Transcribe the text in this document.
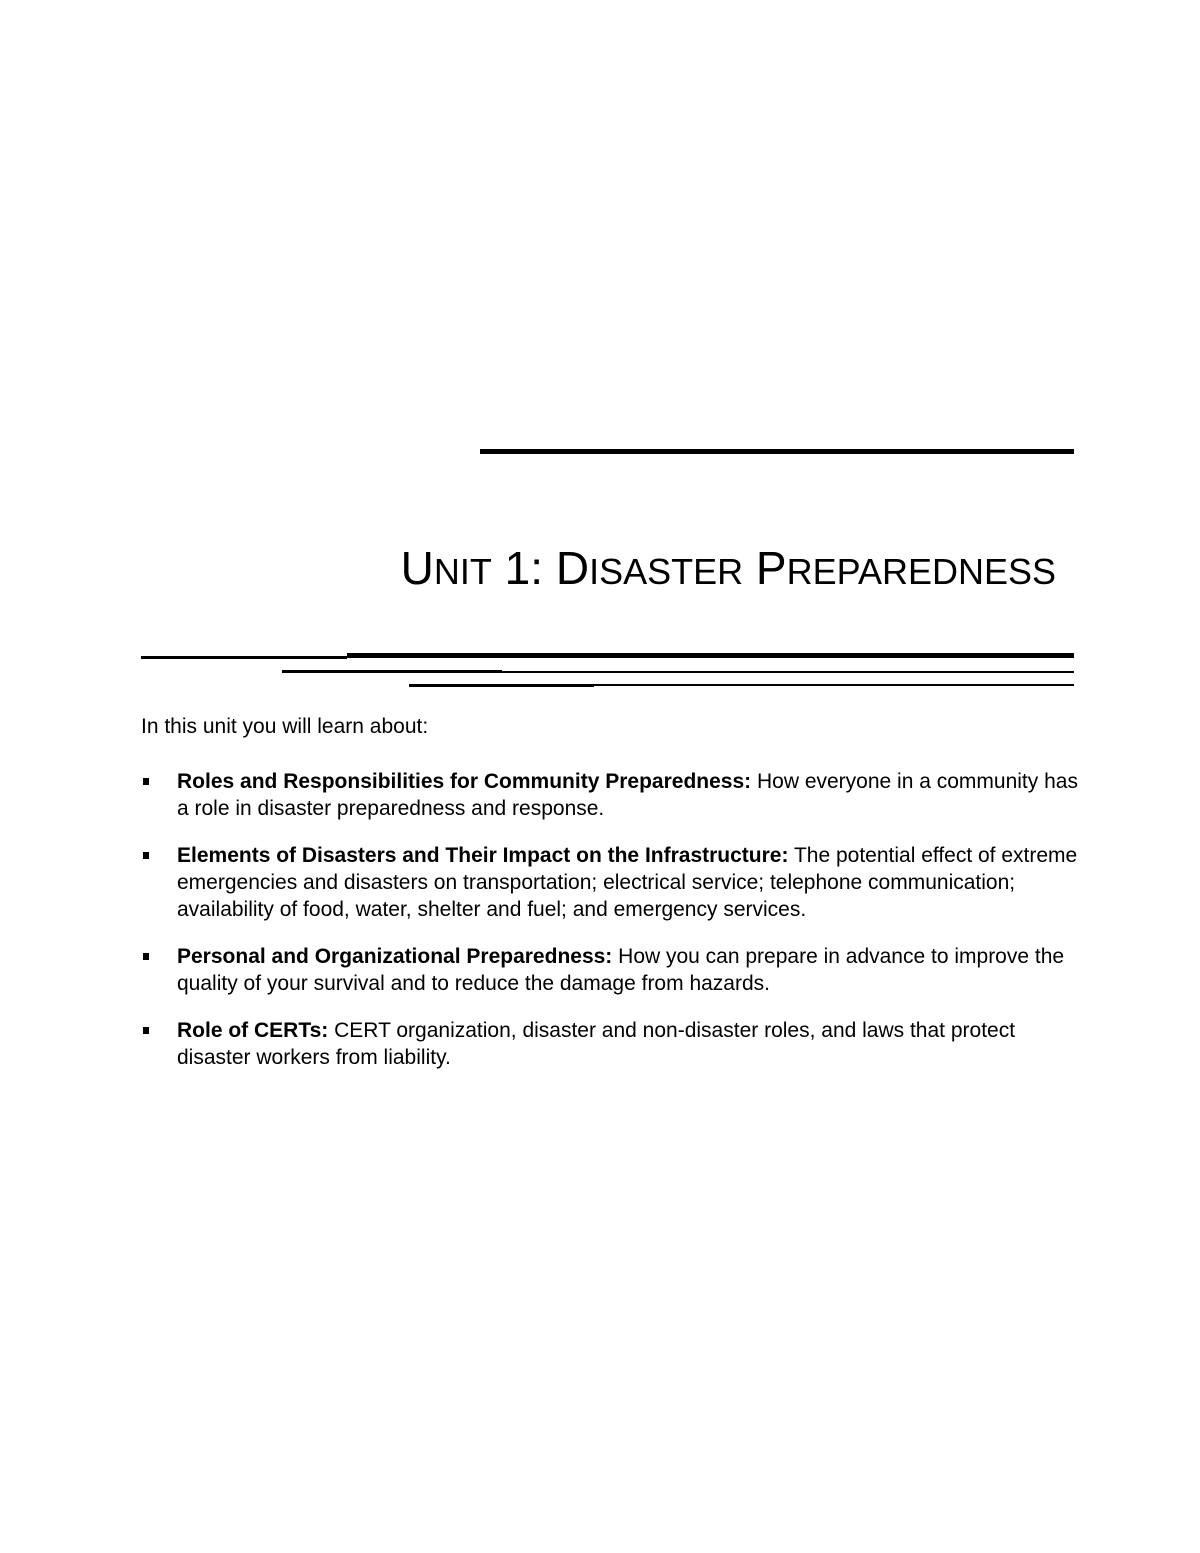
UNIT 1: DISASTER PREPAREDNESS

In this unit you will learn about:

Roles and Responsibilities for Community Preparedness: How everyone in a community has a role in disaster preparedness and response.
Elements of Disasters and Their Impact on the Infrastructure: The potential effect of extreme emergencies and disasters on transportation; electrical service; telephone communication; availability of food, water, shelter and fuel; and emergency services.
Personal and Organizational Preparedness: How you can prepare in advance to improve the quality of your survival and to reduce the damage from hazards.
Role of CERTs: CERT organization, disaster and non-disaster roles, and laws that protect disaster workers from liability.
